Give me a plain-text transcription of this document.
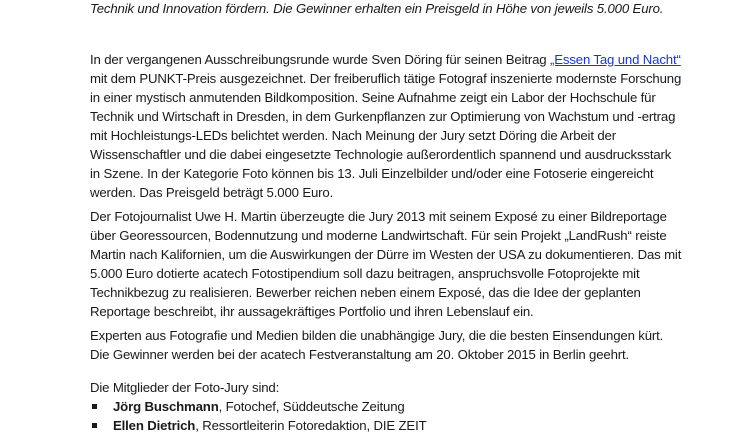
Technik und Innovation fördern. Die Gewinner erhalten ein Preisgeld in Höhe von jeweils 5.000 Euro.
In der vergangenen Ausschreibungsrunde wurde Sven Döring für seinen Beitrag „Essen Tag und Nacht“
mit dem PUNKT-Preis ausgezeichnet. Der freiberuflich tätige Fotograf inszenierte modernste Forschung
in einer mystisch anmutenden Bildkomposition. Seine Aufnahme zeigt ein Labor der Hochschule für
Technik und Wirtschaft in Dresden, in dem Gurkenpflanzen zur Optimierung von Wachstum und -ertrag
mit Hochleistungs-LEDs belichtet werden. Nach Meinung der Jury setzt Döring die Arbeit der
Wissenschaftler und die dabei eingesetzte Technologie außerordentlich spannend und ausdrucksstark
in Szene. In der Kategorie Foto können bis 13. Juli Einzelbilder und/oder eine Fotoserie eingereicht
werden. Das Preisgeld beträgt 5.000 Euro.
Der Fotojournalist Uwe H. Martin überzeugte die Jury 2013 mit seinem Exposé zu einer Bildreportage
über Georessourcen, Bodennutzung und moderne Landwirtschaft. Für sein Projekt „LandRush“ reiste
Martin nach Kalifornien, um die Auswirkungen der Dürre im Westen der USA zu dokumentieren. Das mit
5.000 Euro dotierte acatech Fotostipendium soll dazu beitragen, anspruchsvolle Fotoprojekte mit
Technikbezug zu realisieren. Bewerber reichen neben einem Exposé, das die Idee der geplanten
Reportage beschreibt, ihr aussagekräftiges Portfolio und ihren Lebenslauf ein.
Experten aus Fotografie und Medien bilden die unabhängige Jury, die die besten Einsendungen kürt.
Die Gewinner werden bei der acatech Festveranstaltung am 20. Oktober 2015 in Berlin geehrt.
Die Mitglieder der Foto-Jury sind:
Jörg Buschmann, Fotochef, Süddeutsche Zeitung
Ellen Dietrich, Ressortleiterin Fotoredaktion, DIE ZEIT
